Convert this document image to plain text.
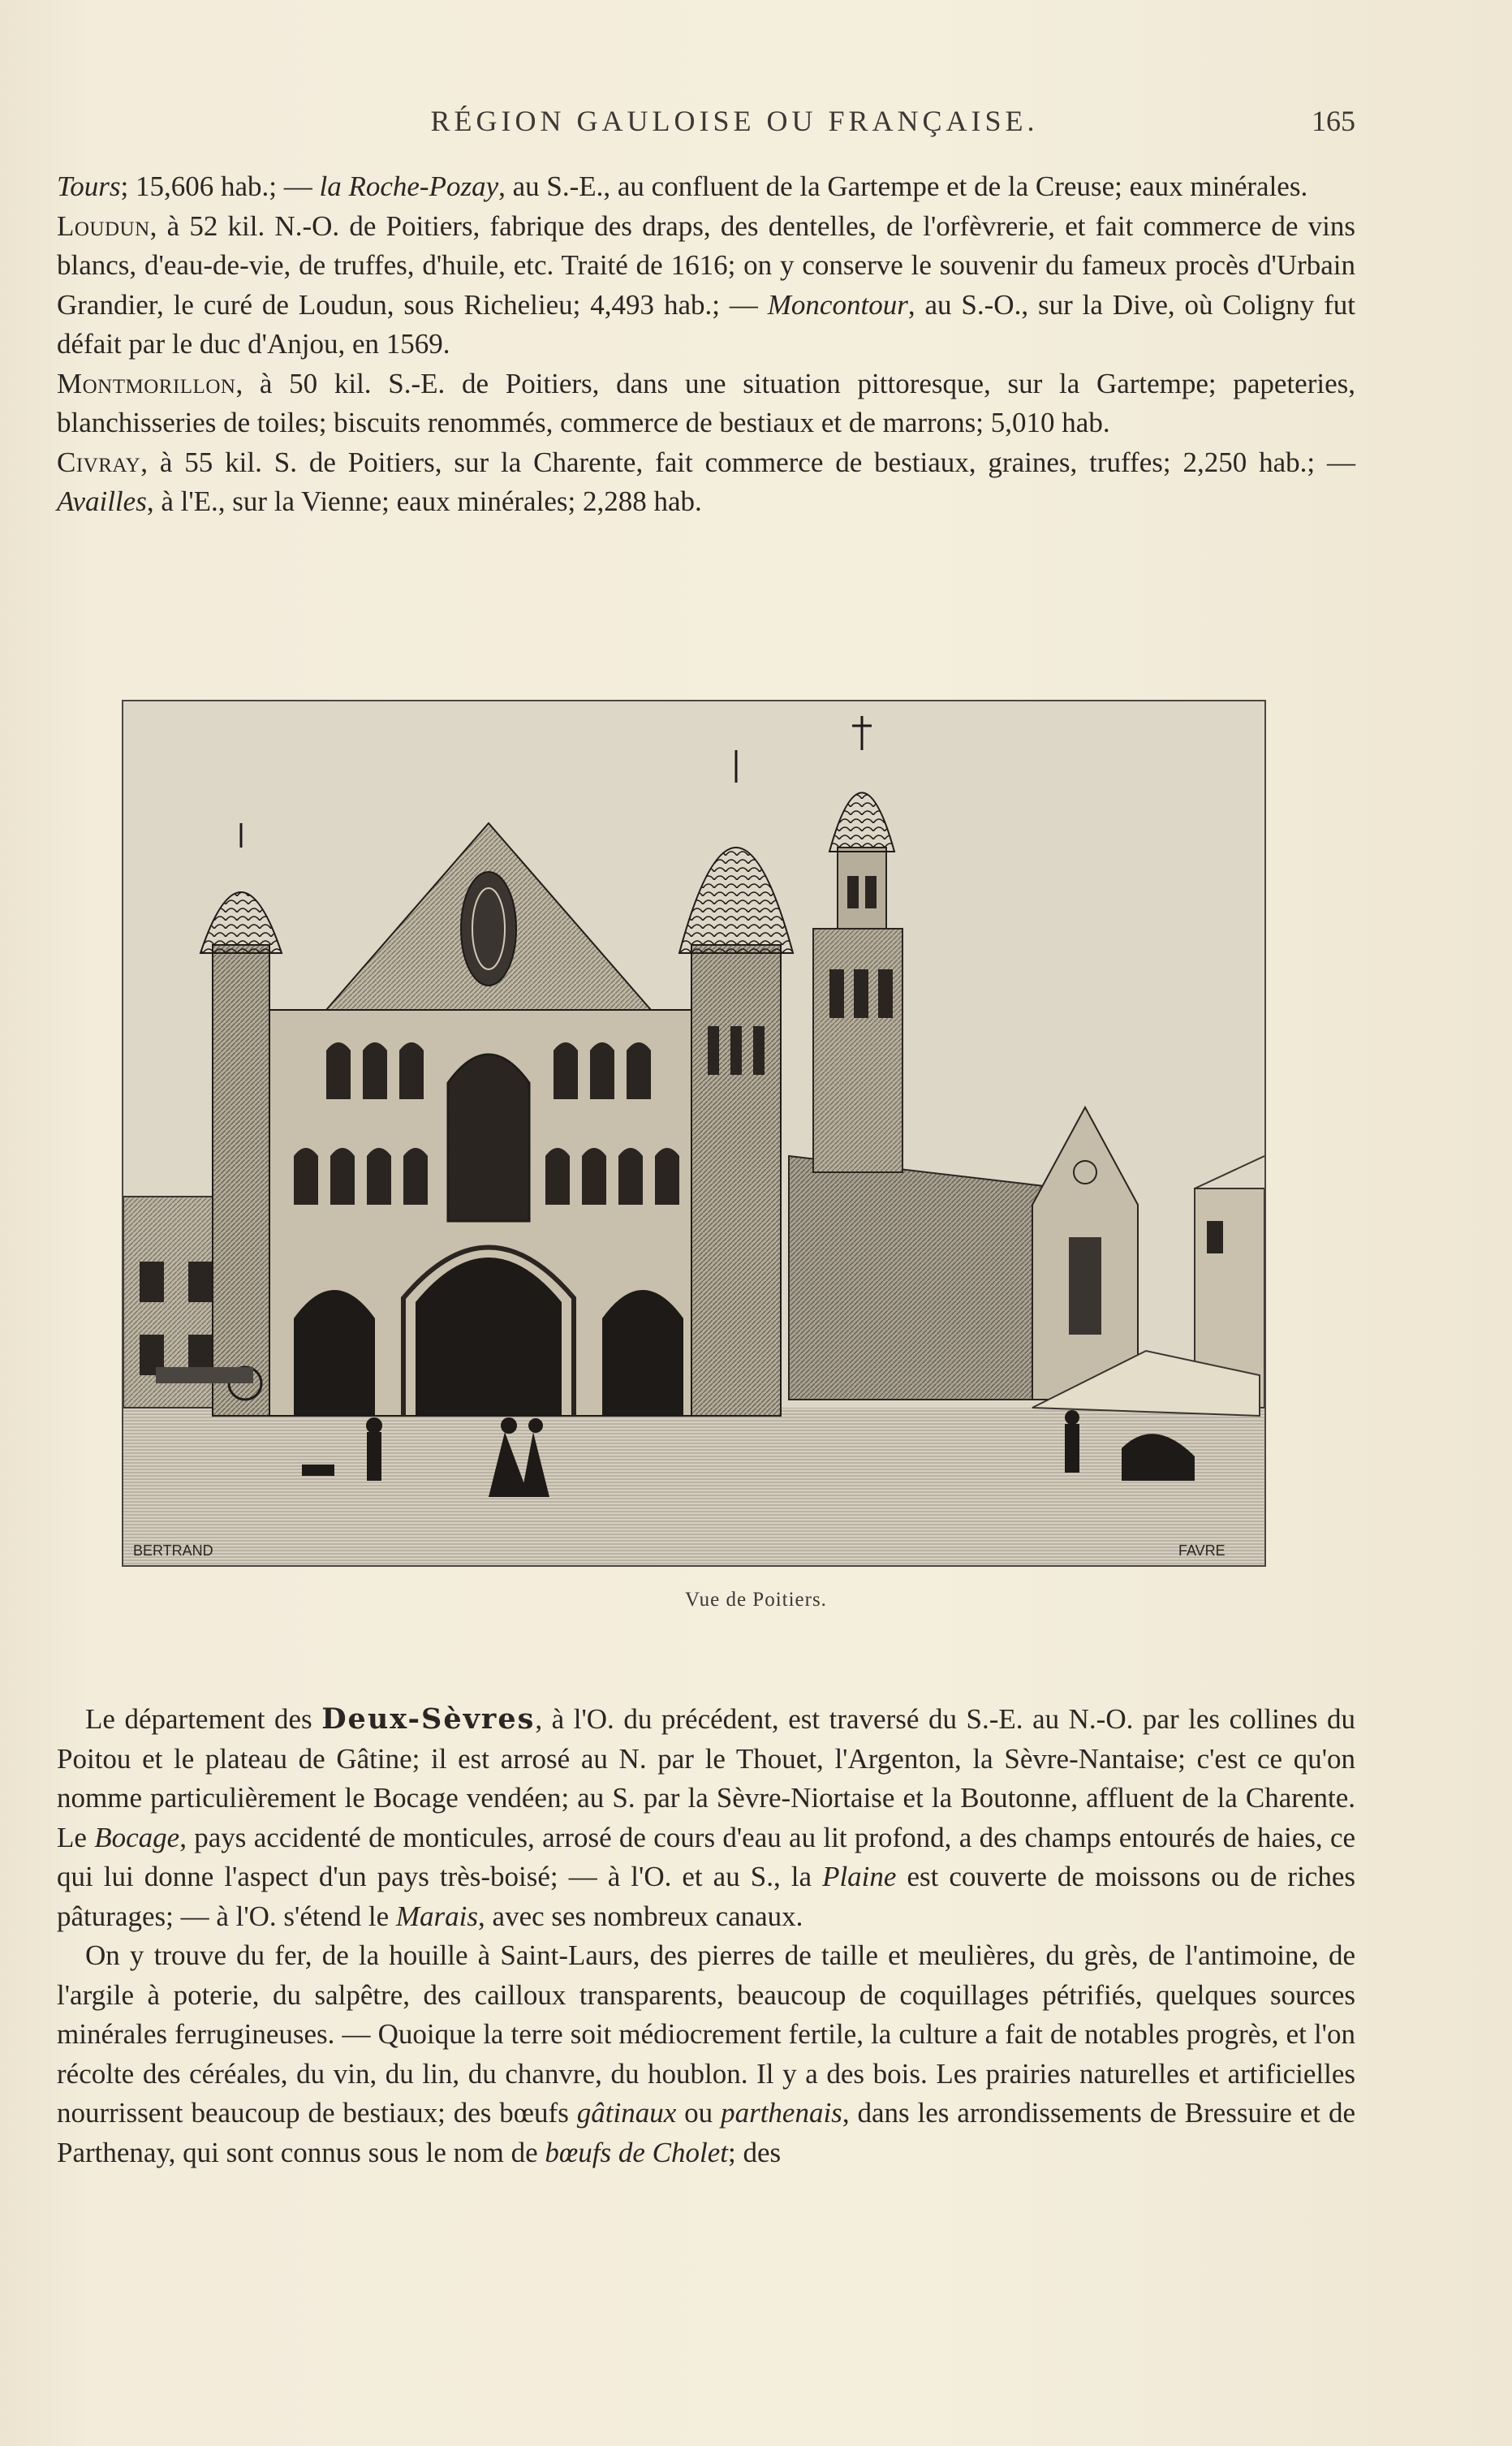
RÉGION GAULOISE OU FRANÇAISE.	165

Tours; 15,606 hab.; — la Roche-Pozay, au S.-E., au confluent de la Gartempe et de la Creuse; eaux minérales.

Loudun, à 52 kil. N.-O. de Poitiers, fabrique des draps, des dentelles, de l'orfèvrerie, et fait commerce de vins blancs, d'eau-de-vie, de truffes, d'huile, etc. Traité de 1616; on y conserve le souvenir du fameux procès d'Urbain Grandier, le curé de Loudun, sous Richelieu; 4,493 hab.; — Moncontour, au S.-O., sur la Dive, où Coligny fut défait par le duc d'Anjou, en 1569.

Montmorillon, à 50 kil. S.-E. de Poitiers, dans une situation pittoresque, sur la Gartempe; papeteries, blanchisseries de toiles; biscuits renommés, commerce de bestiaux et de marrons; 5,010 hab.

Civray, à 55 kil. S. de Poitiers, sur la Charente, fait commerce de bestiaux, graines, truffes; 2,250 hab.; — Availles, à l'E., sur la Vienne; eaux minérales; 2,288 hab.

BERTRAND	FAVRE
Vue de Poitiers.

 Le département des Deux-Sèvres, à l'O. du précédent, est traversé du S.-E. au N.-O. par les collines du Poitou et le plateau de Gâtine; il est arrosé au N. par le Thouet, l'Argenton, la Sèvre-Nantaise; c'est ce qu'on nomme particulièrement le Bocage vendéen; au S. par la Sèvre-Niortaise et la Boutonne, affluent de la Charente. Le Bocage, pays accidenté de monticules, arrosé de cours d'eau au lit profond, a des champs entourés de haies, ce qui lui donne l'aspect d'un pays très-boisé; — à l'O. et au S., la Plaine est couverte de moissons ou de riches pâturages; — à l'O. s'étend le Marais, avec ses nombreux canaux.

 On y trouve du fer, de la houille à Saint-Laurs, des pierres de taille et meulières, du grès, de l'antimoine, de l'argile à poterie, du salpêtre, des cailloux transparents, beaucoup de coquillages pétrifiés, quelques sources minérales ferrugineuses. — Quoique la terre soit médiocrement fertile, la culture a fait de notables progrès, et l'on récolte des céréales, du vin, du lin, du chanvre, du houblon. Il y a des bois. Les prairies naturelles et artificielles nourrissent beaucoup de bestiaux; des bœufs gâtinaux ou parthenais, dans les arrondissements de Bressuire et de Parthenay, qui sont connus sous le nom de bœufs de Cholet; des
